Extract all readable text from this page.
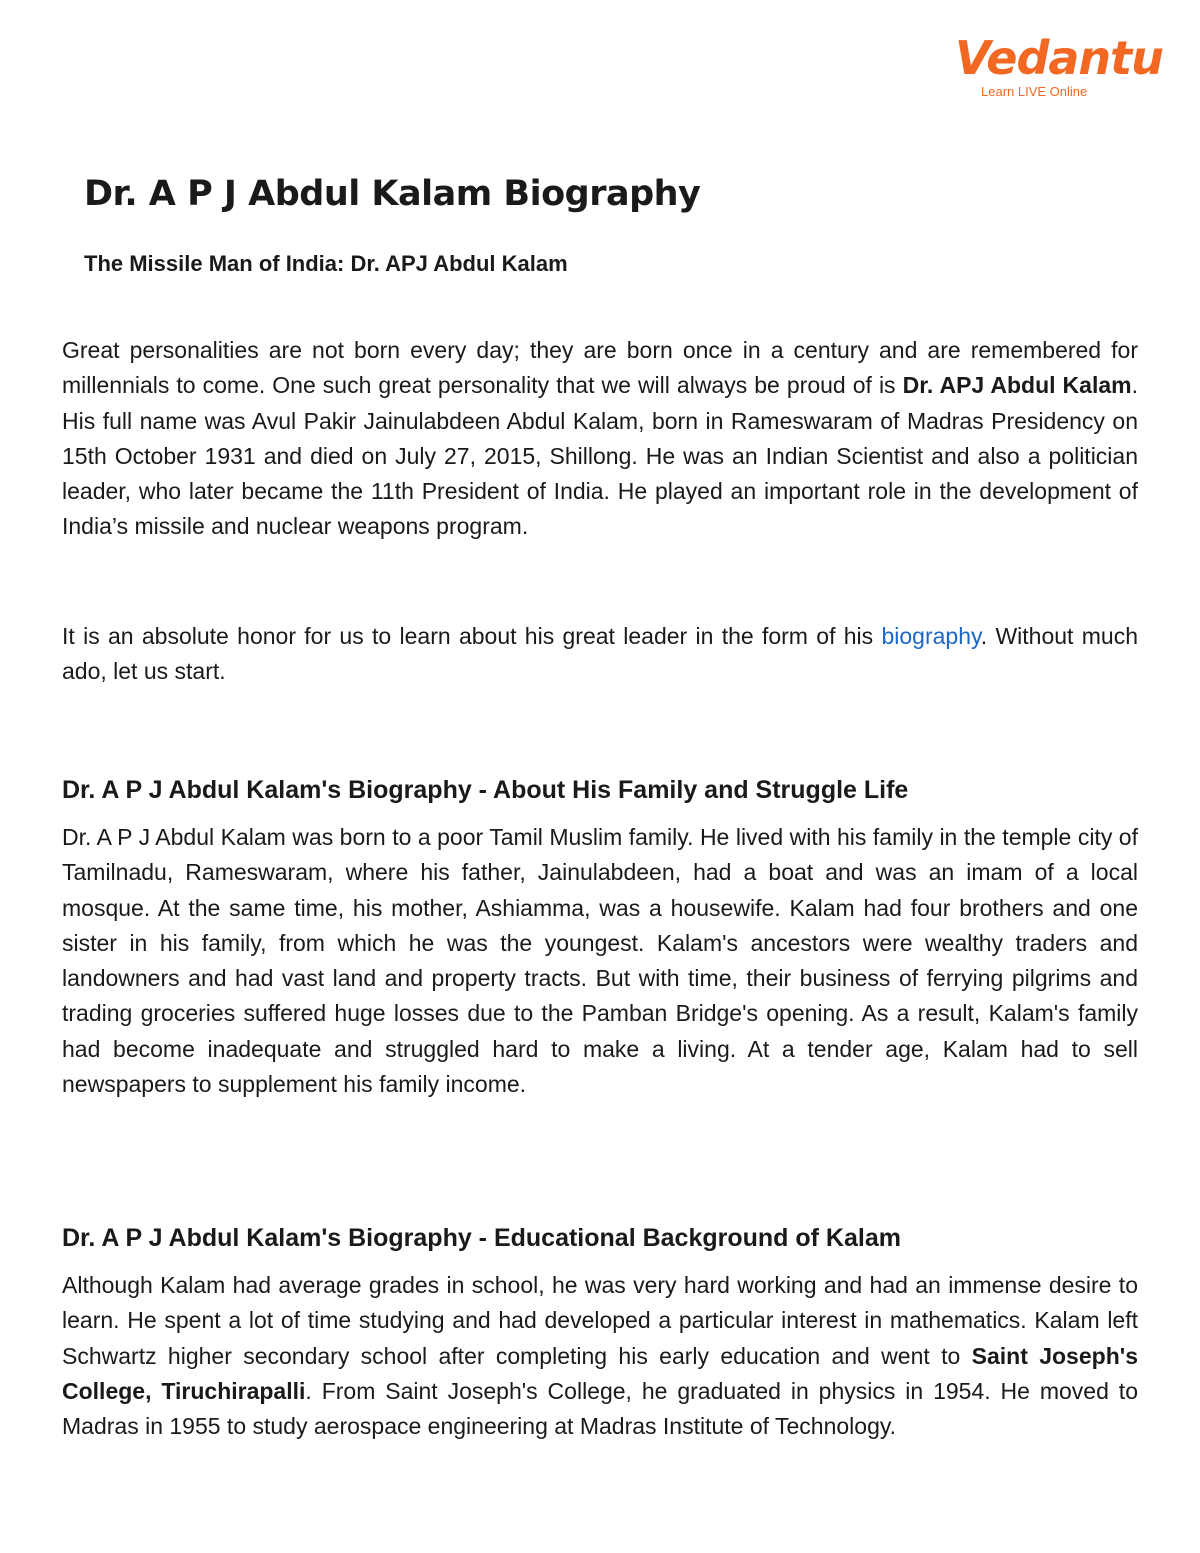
Vedantu
Learn LIVE Online
Dr. A P J Abdul Kalam Biography
The Missile Man of India: Dr. APJ Abdul Kalam

Great personalities are not born every day; they are born once in a century and are remembered for millennials to come. One such great personality that we will always be proud of is Dr. APJ Abdul Kalam. His full name was Avul Pakir Jainulabdeen Abdul Kalam, born in Rameswaram of Madras Presidency on 15th October 1931 and died on July 27, 2015, Shillong. He was an Indian Scientist and also a politician leader, who later became the 11th President of India. He played an important role in the development of India’s missile and nuclear weapons program.

It is an absolute honor for us to learn about his great leader in the form of his biography. Without much ado, let us start.

Dr. A P J Abdul Kalam's Biography - About His Family and Struggle Life

Dr. A P J Abdul Kalam was born to a poor Tamil Muslim family. He lived with his family in the temple city of Tamilnadu, Rameswaram, where his father, Jainulabdeen, had a boat and was an imam of a local mosque. At the same time, his mother, Ashiamma, was a housewife. Kalam had four brothers and one sister in his family, from which he was the youngest. Kalam's ancestors were wealthy traders and landowners and had vast land and property tracts. But with time, their business of ferrying pilgrims and trading groceries suffered huge losses due to the Pamban Bridge's opening. As a result, Kalam's family had become inadequate and struggled hard to make a living. At a tender age, Kalam had to sell newspapers to supplement his family income.

Dr. A P J Abdul Kalam's Biography - Educational Background of Kalam

Although Kalam had average grades in school, he was very hard working and had an immense desire to learn. He spent a lot of time studying and had developed a particular interest in mathematics. Kalam left Schwartz higher secondary school after completing his early education and went to Saint Joseph's College, Tiruchirapalli. From Saint Joseph's College, he graduated in physics in 1954. He moved to Madras in 1955 to study aerospace engineering at Madras Institute of Technology.
